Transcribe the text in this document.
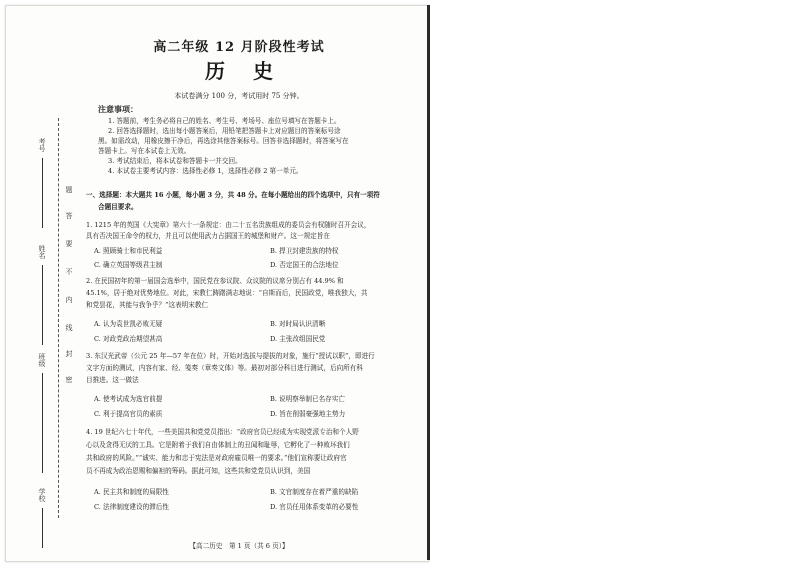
考号
姓名
班级
学校
题
答
要
不
内
线
封
密
高二年级 12 月阶段性考试
历史
本试卷满分 100 分，考试用时 75 分钟。
注意事项：
1. 答题前，考生务必将自己的姓名、考生号、考场号、座位号填写在答题卡上。
2. 回答选择题时，选出每小题答案后，用铅笔把答题卡上对应题目的答案标号涂
黑。如需改动，用橡皮擦干净后，再选涂其他答案标号。回答非选择题时，将答案写在
答题卡上。写在本试卷上无效。
3. 考试结束后，将本试卷和答题卡一并交回。
4. 本试卷主要考试内容：选择性必修 1，选择性必修 2 第一单元。
一、选择题：本大题共 16 小题，每小题 3 分，共 48 分。在每小题给出的四个选项中，只有一项符
合题目要求。
1. 1215 年的英国《大宪章》第六十一条规定：由二十五名贵族组成的委员会有权随时召开会议，
具有否决国王命令的权力，并且可以使用武力占据国王的城堡和财产。这一规定旨在
A. 照顾骑士和市民利益	B. 捍卫封建贵族的特权
C. 确立英国等级君主制	D. 否定国王的合法地位
2. 在民国初年的第一届国会选举中，国民党在参议院、众议院的议席分别占有 44.9% 和
45.1%，居于绝对优势地位。对此，宋教仁踌躇满志地说：“自斯而后，民国政党，唯我独大，共
和党昙花，其能与我争乎？”这表明宋教仁
A. 认为袁世凯必败无疑	B. 对时局认识清晰
C. 对政党政治期望甚高	D. 主张改组国民党
3. 东汉光武帝（公元 25 年—57 年在位）时，开始对选拔与提拔的对象，施行“授试以职”，即进行
文字方面的测试，内容有家、经、笺奏（章奏文体）等。最初对部分科目进行测试，后向所有科
目推进。这一做法
A. 使考试成为选官前提	B. 说明察举制已名存实亡
C. 利于提高官员的素质	D. 旨在削弱豪强地主势力
4. 19 世纪六七十年代，一些美国共和党党员指出：“政府官员已经成为实现党派专治和个人野
心以及贪得无厌的工具。它是附着于我们自由体制上的丑闻和耻辱，它孵化了一种败坏我们
共和政府的风险。”“诚实、能力和忠于宪法是对政府雇员唯一的要求。”他们宣称要让政府官
员不再成为政治恩赐和偏袒的筹码。据此可知，这些共和党党员认识到，美国
A. 民主共和制度的局限性	B. 文官制度存在着严重的缺陷
C. 法律制度建设的滞后性	D. 官员任用体系变革的必要性
【高二历史　第 1 页（共 6 页）】
